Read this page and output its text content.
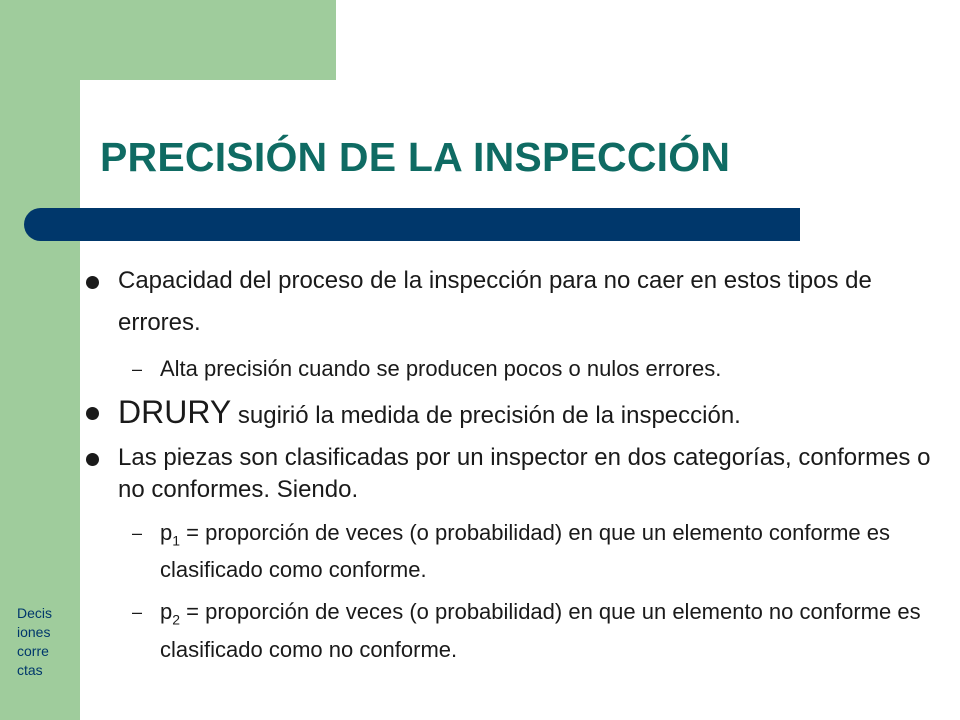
PRECISIÓN DE LA INSPECCIÓN

Decis iones corre ctas

Capacidad del proceso de la inspección para no caer en estos tipos de errores.

– Alta precisión cuando se producen pocos o nulos errores.

DRURY sugirió la medida de precisión de la inspección.

Las piezas son clasificadas por un inspector en dos categorías, conformes o no conformes. Siendo.

– $p_1$ = proporción de veces (o probabilidad) en que un elemento conforme es clasificado como conforme.

– $p_2$ = proporción de veces (o probabilidad) en que un elemento no conforme es clasificado como no conforme.
